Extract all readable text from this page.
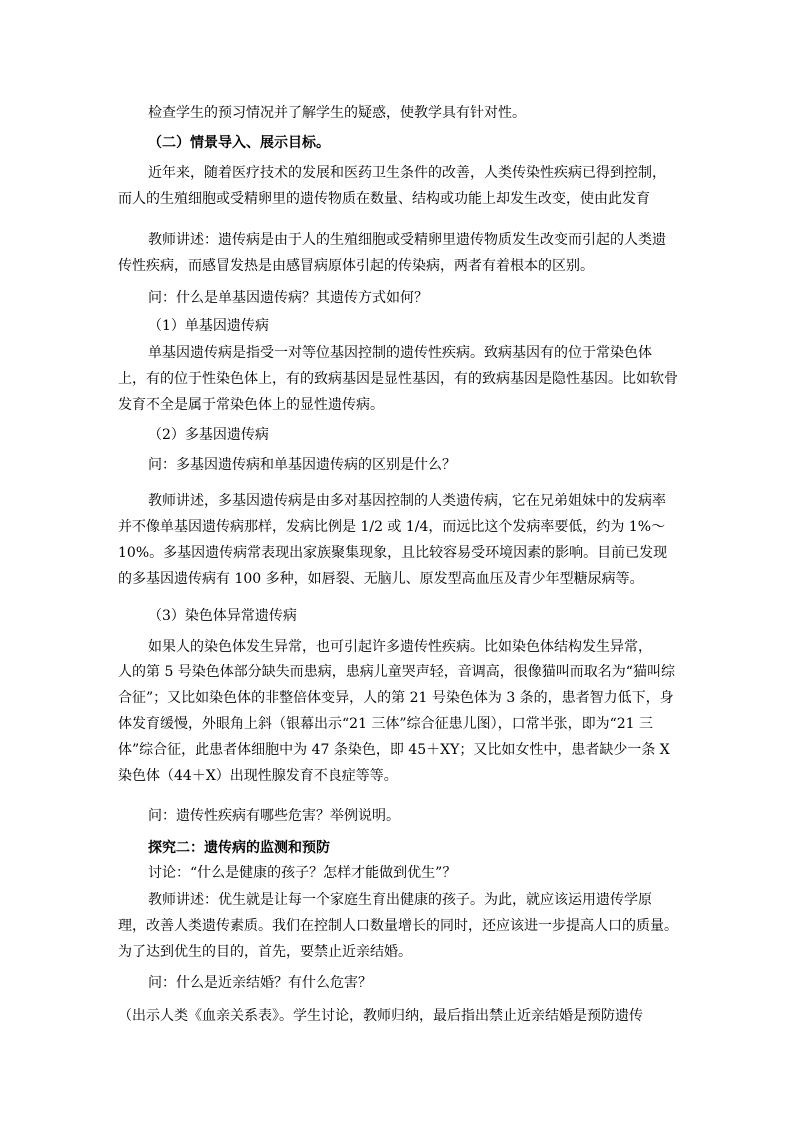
检查学生的预习情况并了解学生的疑惑，使教学具有针对性。

（二）情景导入、展示目标。

近年来，随着医疗技术的发展和医药卫生条件的改善，人类传染性疾病已得到控制，而人的生殖细胞或受精卵里的遗传物质在数量、结构或功能上却发生改变，使由此发育

教师讲述：遗传病是由于人的生殖细胞或受精卵里遗传物质发生改变而引起的人类遗传性疾病，而感冒发热是由感冒病原体引起的传染病，两者有着根本的区别。

问：什么是单基因遗传病？其遗传方式如何？

（1）单基因遗传病

单基因遗传病是指受一对等位基因控制的遗传性疾病。致病基因有的位于常染色体上，有的位于性染色体上，有的致病基因是显性基因，有的致病基因是隐性基因。比如软骨发育不全是属于常染色体上的显性遗传病。

（2）多基因遗传病

问：多基因遗传病和单基因遗传病的区别是什么？

教师讲述，多基因遗传病是由多对基因控制的人类遗传病，它在兄弟姐妹中的发病率并不像单基因遗传病那样，发病比例是 1/2 或 1/4，而远比这个发病率要低，约为 1%～10%。多基因遗传病常表现出家族聚集现象，且比较容易受环境因素的影响。目前已发现的多基因遗传病有 100 多种，如唇裂、无脑儿、原发型高血压及青少年型糖尿病等。

（3）染色体异常遗传病

如果人的染色体发生异常，也可引起许多遗传性疾病。比如染色体结构发生异常，

人的第 5 号染色体部分缺失而患病，患病儿童哭声轻，音调高，很像猫叫而取名为“猫叫综合征”；又比如染色体的非整倍体变异，人的第 21 号染色体为 3 条的，患者智力低下，身体发育缓慢，外眼角上斜（银幕出示“21 三体”综合征患儿图），口常半张，即为“21 三体”综合征，此患者体细胞中为 47 条染色，即 45＋XY；又比如女性中，患者缺少一条 X 染色体（44＋X）出现性腺发育不良症等等。

问：遗传性疾病有哪些危害？举例说明。

探究二：遗传病的监测和预防

讨论：“什么是健康的孩子？怎样才能做到优生”？

教师讲述：优生就是让每一个家庭生育出健康的孩子。为此，就应该运用遗传学原理，改善人类遗传素质。我们在控制人口数量增长的同时，还应该进一步提高人口的质量。为了达到优生的目的，首先，要禁止近亲结婚。

问：什么是近亲结婚？有什么危害？

（出示人类《血亲关系表》。学生讨论，教师归纳，最后指出禁止近亲结婚是预防遗传
